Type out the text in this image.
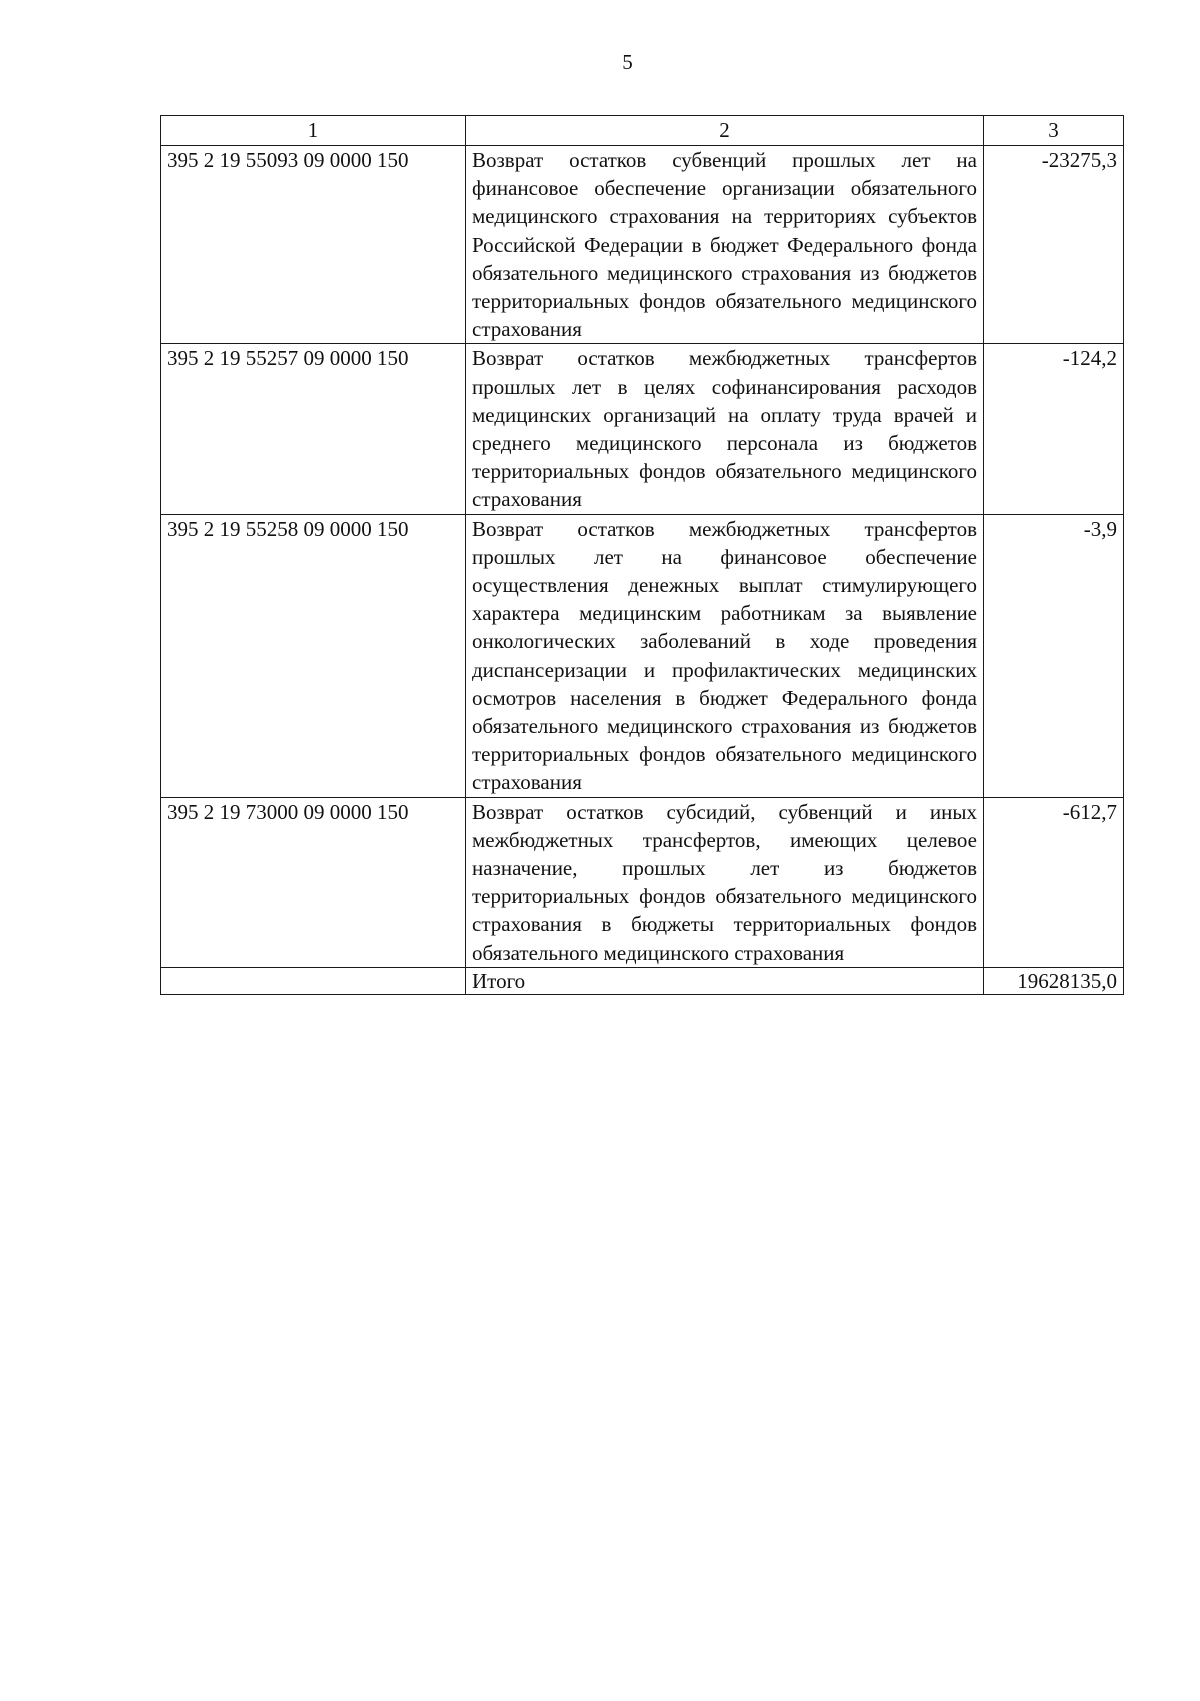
5
1	2	3
395 2 19 55093 09 0000 150	Возврат остатков субвенций прошлых лет на финансовое обеспечение организации обязательного медицинского страхования на территориях субъектов Российской Федерации в бюджет Федерального фонда обязательного медицинского страхования из бюджетов территориальных фондов обязательного медицинского страхования	-23275,3
395 2 19 55257 09 0000 150	Возврат остатков межбюджетных трансфертов прошлых лет в целях софинансирования расходов медицинских организаций на оплату труда врачей и среднего медицинского персонала из бюджетов территориальных фондов обязательного медицинского страхования	-124,2
395 2 19 55258 09 0000 150	Возврат остатков межбюджетных трансфертов прошлых лет на финансовое обеспечение осуществления денежных выплат стимулирующего характера медицинским работникам за выявление онкологических заболеваний в ходе проведения диспансеризации и профилактических медицинских осмотров населения в бюджет Федерального фонда обязательного медицинского страхования из бюджетов территориальных фондов обязательного медицинского страхования	-3,9
395 2 19 73000 09 0000 150	Возврат остатков субсидий, субвенций и иных межбюджетных трансфертов, имеющих целевое назначение, прошлых лет из бюджетов территориальных фондов обязательного медицинского страхования в бюджеты территориальных фондов обязательного медицинского страхования	-612,7
	Итого	19628135,0
